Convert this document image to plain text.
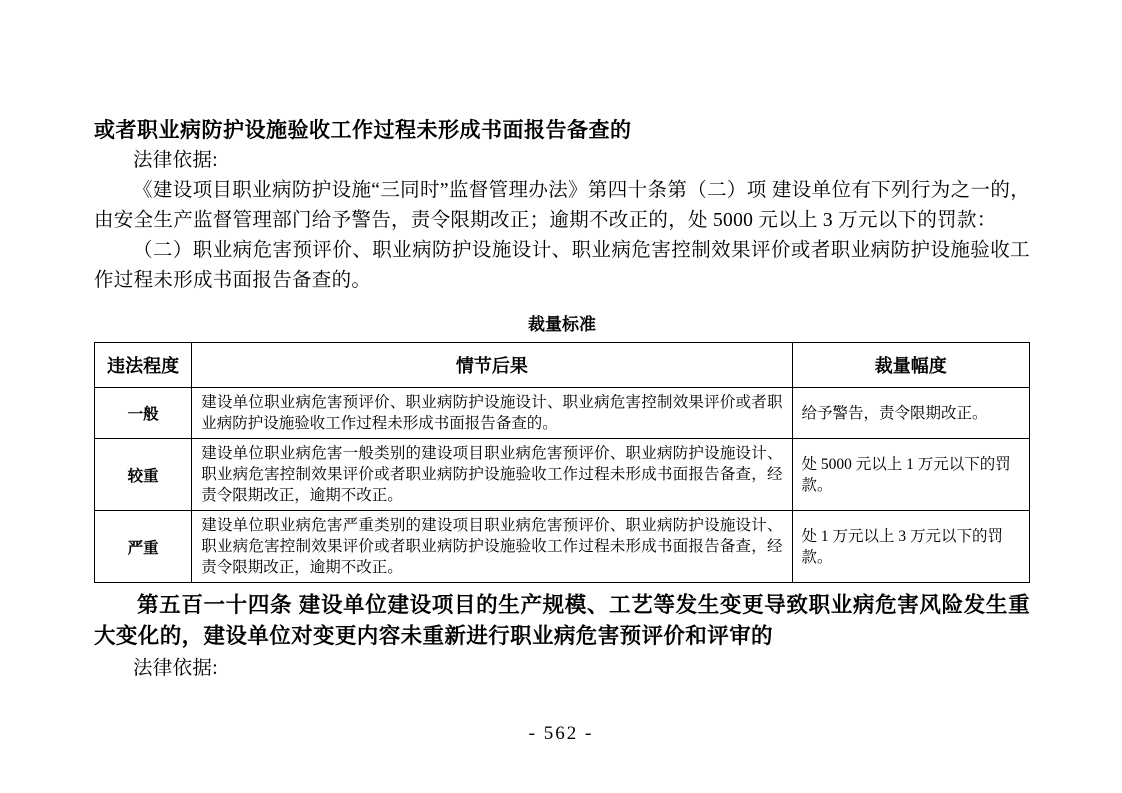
或者职业病防护设施验收工作过程未形成书面报告备查的

法律依据:

《建设项目职业病防护设施“三同时”监督管理办法》第四十条第（二）项 建设单位有下列行为之一的，由安全生产监督管理部门给予警告，责令限期改正；逾期不改正的，处 5000 元以上 3 万元以下的罚款：

（二）职业病危害预评价、职业病防护设施设计、职业病危害控制效果评价或者职业病防护设施验收工作过程未形成书面报告备查的。

裁量标准
违法程度	情节后果	裁量幅度
一般	建设单位职业病危害预评价、职业病防护设施设计、职业病危害控制效果评价或者职业病防护设施验收工作过程未形成书面报告备查的。	给予警告，责令限期改正。
较重	建设单位职业病危害一般类别的建设项目职业病危害预评价、职业病防护设施设计、职业病危害控制效果评价或者职业病防护设施验收工作过程未形成书面报告备查，经责令限期改正，逾期不改正。	处 5000 元以上 1 万元以下的罚款。
严重	建设单位职业病危害严重类别的建设项目职业病危害预评价、职业病防护设施设计、职业病危害控制效果评价或者职业病防护设施验收工作过程未形成书面报告备查，经责令限期改正，逾期不改正。	处 1 万元以上 3 万元以下的罚款。

第五百一十四条 建设单位建设项目的生产规模、工艺等发生变更导致职业病危害风险发生重大变化的，建设单位对变更内容未重新进行职业病危害预评价和评审的

法律依据:

- 562 -
